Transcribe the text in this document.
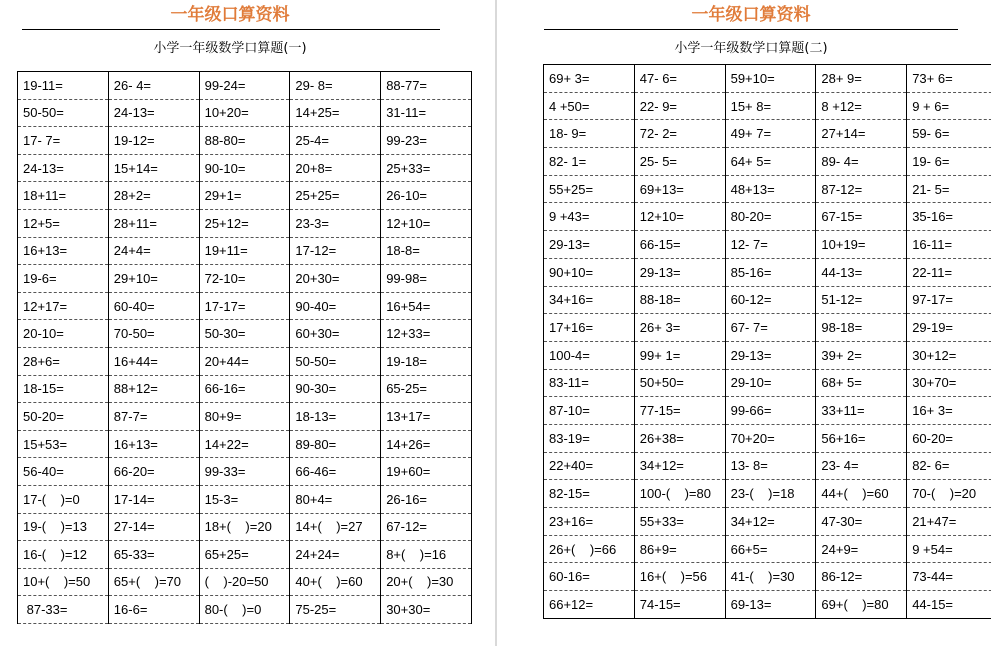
一年级口算资料
小学一年级数学口算题(一)
19-11=	26- 4=	99-24=	29- 8=	88-77=
50-50=	24-13=	10+20=	14+25=	31-11=
17- 7=	19-12=	88-80=	25-4=	99-23=
24-13=	15+14=	90-10=	20+8=	25+33=
18+11=	28+2=	29+1=	25+25=	26-10=
12+5=	28+11=	25+12=	23-3=	12+10=
16+13=	24+4=	19+11=	17-12=	18-8=
19-6=	29+10=	72-10=	20+30=	99-98=
12+17=	60-40=	17-17=	90-40=	16+54=
20-10=	70-50=	50-30=	60+30=	12+33=
28+6=	16+44=	20+44=	50-50=	19-18=
18-15=	88+12=	66-16=	90-30=	65-25=
50-20=	87-7=	80+9=	18-13=	13+17=
15+53=	16+13=	14+22=	89-80=	14+26=
56-40=	66-20=	99-33=	66-46=	19+60=
17-(    )=0	17-14=	15-3=	80+4=	26-16=
19-(    )=13	27-14=	18+(    )=20	14+(    )=27	67-12=
16-(    )=12	65-33=	65+25=	24+24=	8+(    )=16
10+(    )=50	65+(    )=70	(    )-20=50	40+(    )=60	20+(    )=30
87-33=	16-6=	80-(    )=0	75-25=	30+30=
一年级口算资料
小学一年级数学口算题(二)
69+ 3=	47- 6=	59+10=	28+ 9=	73+ 6=
4 +50=	22- 9=	15+ 8=	8 +12=	9 + 6=
18- 9=	72- 2=	49+ 7=	27+14=	59- 6=
82- 1=	25- 5=	64+ 5=	89- 4=	19- 6=
55+25=	69+13=	48+13=	87-12=	21- 5=
9 +43=	12+10=	80-20=	67-15=	35-16=
29-13=	66-15=	12- 7=	10+19=	16-11=
90+10=	29-13=	85-16=	44-13=	22-11=
34+16=	88-18=	60-12=	51-12=	97-17=
17+16=	26+ 3=	67- 7=	98-18=	29-19=
100-4=	99+ 1=	29-13=	39+ 2=	30+12=
83-11=	50+50=	29-10=	68+ 5=	30+70=
87-10=	77-15=	99-66=	33+11=	16+ 3=
83-19=	26+38=	70+20=	56+16=	60-20=
22+40=	34+12=	13- 8=	23- 4=	82- 6=
82-15=	100-(    )=80	23-(    )=18	44+(    )=60	70-(    )=20
23+16=	55+33=	34+12=	47-30=	21+47=
26+(    )=66	86+9=	66+5=	24+9=	9 +54=
60-16=	16+(    )=56	41-(    )=30	86-12=	73-44=
66+12=	74-15=	69-13=	69+(    )=80	44-15=
